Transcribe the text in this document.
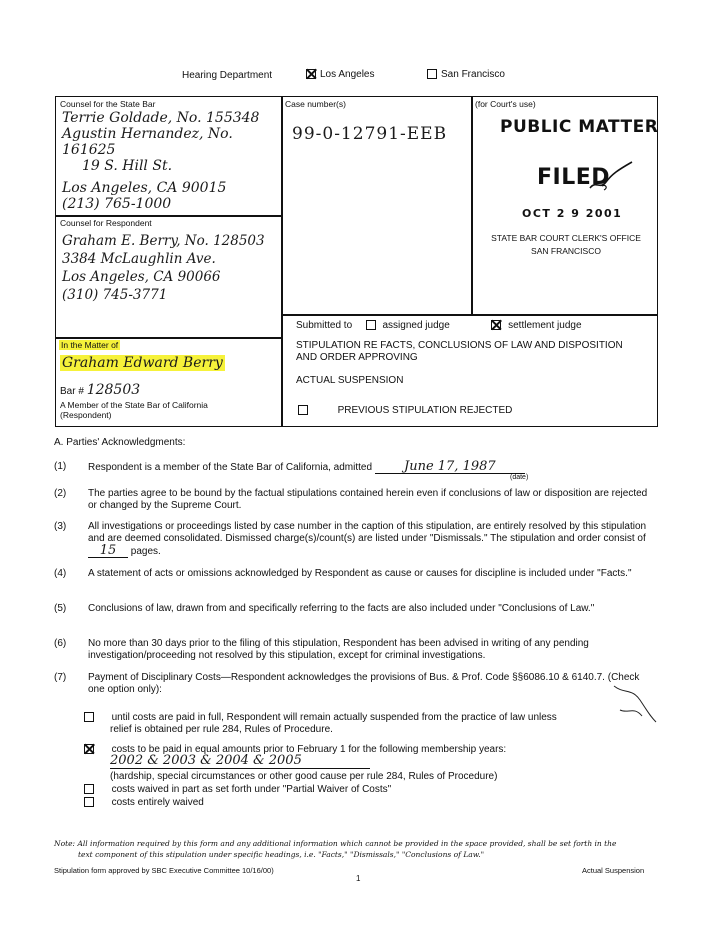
Hearing Department	Los Angeles	San Francisco
Counsel for the State Bar
Terrie Goldade, No. 155348
Agustin Hernandez, No. 161625
19 S. Hill St.
Los Angeles, CA 90015
(213) 765-1000
Case number(s)
99-0-12791-EEB
(for Court's use)
PUBLIC MATTER
FILED
OCT 2 9 2001
STATE BAR COURT CLERK'S OFFICE
SAN FRANCISCO
Counsel for Respondent
Graham E. Berry, No. 128503
3384 McLaughlin Ave.
Los Angeles, CA 90066
(310) 745-3771
Submitted to	assigned judge	settlement judge
STIPULATION RE FACTS, CONCLUSIONS OF LAW AND DISPOSITION
AND ORDER APPROVING
ACTUAL SUSPENSION
PREVIOUS STIPULATION REJECTED
In the Matter of
Graham Edward Berry
Bar # 128503
A Member of the State Bar of California
(Respondent)
A. Parties' Acknowledgments:
(1) Respondent is a member of the State Bar of California, admitted June 17, 1987
(date)
(2) The parties agree to be bound by the factual stipulations contained herein even if conclusions of law or disposition are rejected or changed by the Supreme Court.
(3) All investigations or proceedings listed by case number in the caption of this stipulation, are entirely resolved by this stipulation and are deemed consolidated. Dismissed charge(s)/count(s) are listed under "Dismissals." The stipulation and order consist of 15 pages.
(4) A statement of acts or omissions acknowledged by Respondent as cause or causes for discipline is included under "Facts."
(5) Conclusions of law, drawn from and specifically referring to the facts are also included under "Conclusions of Law."
(6) No more than 30 days prior to the filing of this stipulation, Respondent has been advised in writing of any pending investigation/proceeding not resolved by this stipulation, except for criminal investigations.
(7) Payment of Disciplinary Costs—Respondent acknowledges the provisions of Bus. & Prof. Code §§6086.10 & 6140.7. (Check one option only):
until costs are paid in full, Respondent will remain actually suspended from the practice of law unless
relief is obtained per rule 284, Rules of Procedure.
costs to be paid in equal amounts prior to February 1 for the following membership years:
2002 & 2003 & 2004 & 2005
(hardship, special circumstances or other good cause per rule 284, Rules of Procedure)
costs waived in part as set forth under "Partial Waiver of Costs"
costs entirely waived
Note: All information required by this form and any additional information which cannot be provided in the space provided, shall be set forth in the
text component of this stipulation under specific headings, i.e. "Facts," "Dismissals," "Conclusions of Law."
Stipulation form approved by SBC Executive Committee 10/16/00)
1
Actual Suspension
